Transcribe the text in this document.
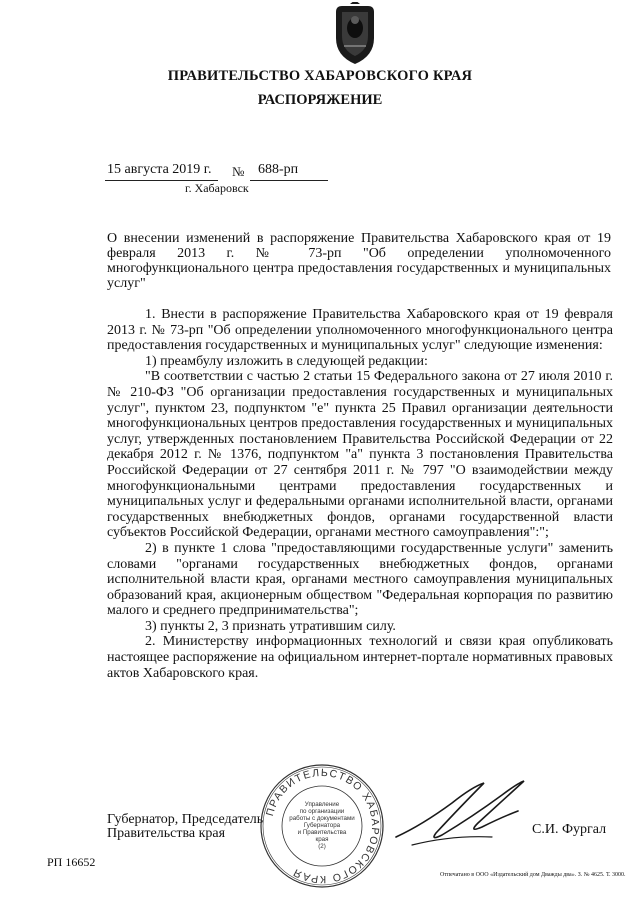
ПРАВИТЕЛЬСТВО ХАБАРОВСКОГО КРАЯ
РАСПОРЯЖЕНИЕ
15 августа 2019 г. № 688-рп
г. Хабаровск
О внесении изменений в распоряжение Правительства Хабаровского края от 19 февраля 2013 г. № 73-рп "Об определении уполномоченного многофункционального центра предоставления государственных и муниципальных услуг"

1. Внести в распоряжение Правительства Хабаровского края от 19 февраля 2013 г. № 73-рп "Об определении уполномоченного многофункционального центра предоставления государственных и муниципальных услуг" следующие изменения:

1) преамбулу изложить в следующей редакции:

"В соответствии с частью 2 статьи 15 Федерального закона от 27 июля 2010 г. № 210-ФЗ "Об организации предоставления государственных и муниципальных услуг", пунктом 23, подпунктом "е" пункта 25 Правил организации деятельности многофункциональных центров предоставления государственных и муниципальных услуг, утвержденных постановлением Правительства Российской Федерации от 22 декабря 2012 г. № 1376, подпунктом "а" пункта 3 постановления Правительства Российской Федерации от 27 сентября 2011 г. № 797 "О взаимодействии между многофункциональными центрами предоставления государственных и муниципальных услуг и федеральными органами исполнительной власти, органами государственных внебюджетных фондов, органами государственной власти субъектов Российской Федерации, органами местного самоуправления":";

2) в пункте 1 слова "предоставляющими государственные услуги" заменить словами "органами государственных внебюджетных фондов, органами исполнительной власти края, органами местного самоуправления муниципальных образований края, акционерным обществом "Федеральная корпорация по развитию малого и среднего предпринимательства";

3) пункты 2, 3 признать утратившим силу.

2. Министерству информационных технологий и связи края опубликовать настоящее распоряжение на официальном интернет-портале нормативных правовых актов Хабаровского края.

Губернатор, Председатель
Правительства края
ПРАВИТЕЛЬСТВО ХАБАРОВСКОГО КРАЯ
Управление
по организации
работы с документами
Губернатора
и Правительства
края
(2)
С.И. Фургал
РП 16652
Отпечатано в ООО «Издательский дом Дважды два». З. № 4625. Т. 3000.
